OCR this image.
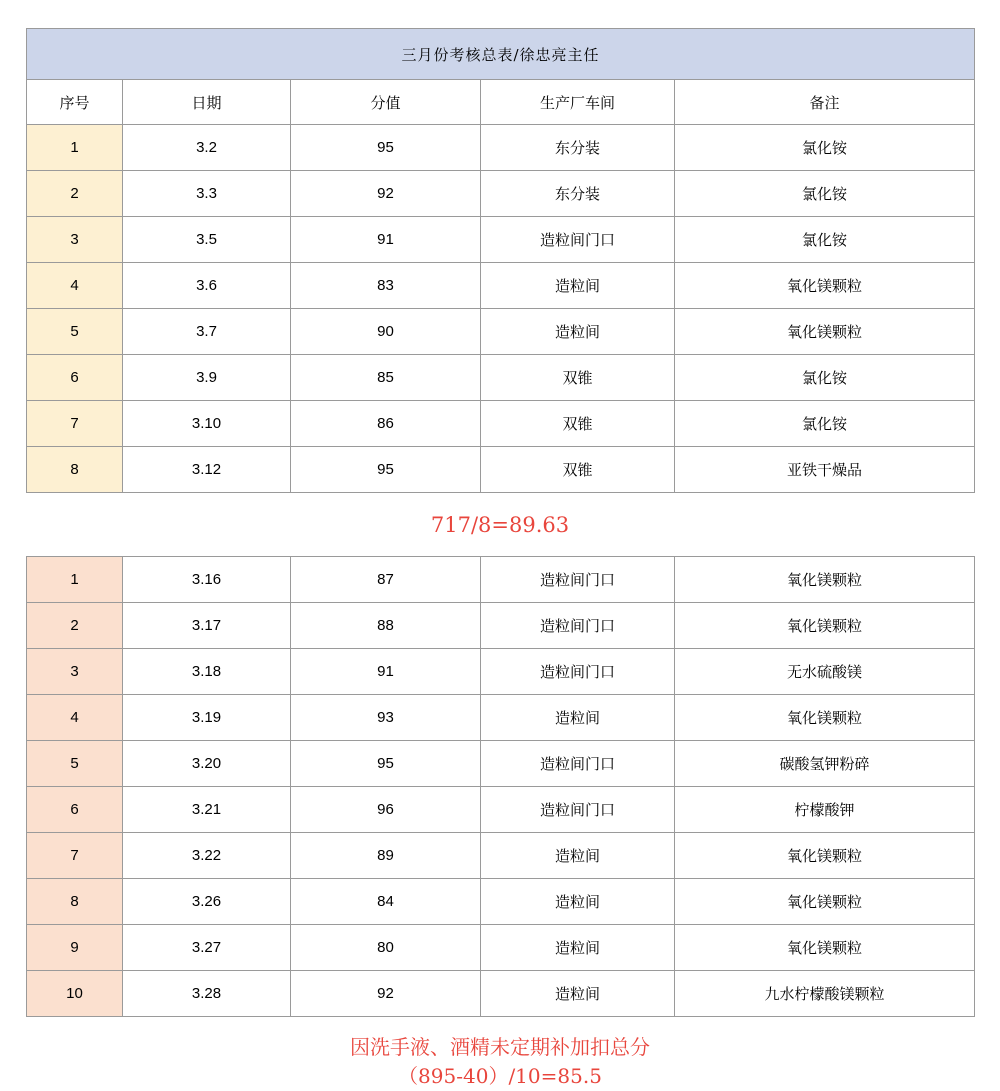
三月份考核总表/徐忠亮主任				
序号	日期	分值	生产厂车间	备注
1	3.2	95	东分装	氯化铵
2	3.3	92	东分装	氯化铵
3	3.5	91	造粒间门口	氯化铵
4	3.6	83	造粒间	氧化镁颗粒
5	3.7	90	造粒间	氧化镁颗粒
6	3.9	85	双锥	氯化铵
7	3.10	86	双锥	氯化铵
8	3.12	95	双锥	亚铁干燥品
717/8=89.63
1	3.16	87	造粒间门口	氧化镁颗粒
2	3.17	88	造粒间门口	氧化镁颗粒
3	3.18	91	造粒间门口	无水硫酸镁
4	3.19	93	造粒间	氧化镁颗粒
5	3.20	95	造粒间门口	碳酸氢钾粉碎
6	3.21	96	造粒间门口	柠檬酸钾
7	3.22	89	造粒间	氧化镁颗粒
8	3.26	84	造粒间	氧化镁颗粒
9	3.27	80	造粒间	氧化镁颗粒
10	3.28	92	造粒间	九水柠檬酸镁颗粒
因洗手液、酒精未定期补加扣总分
（895-40）/10=85.5
